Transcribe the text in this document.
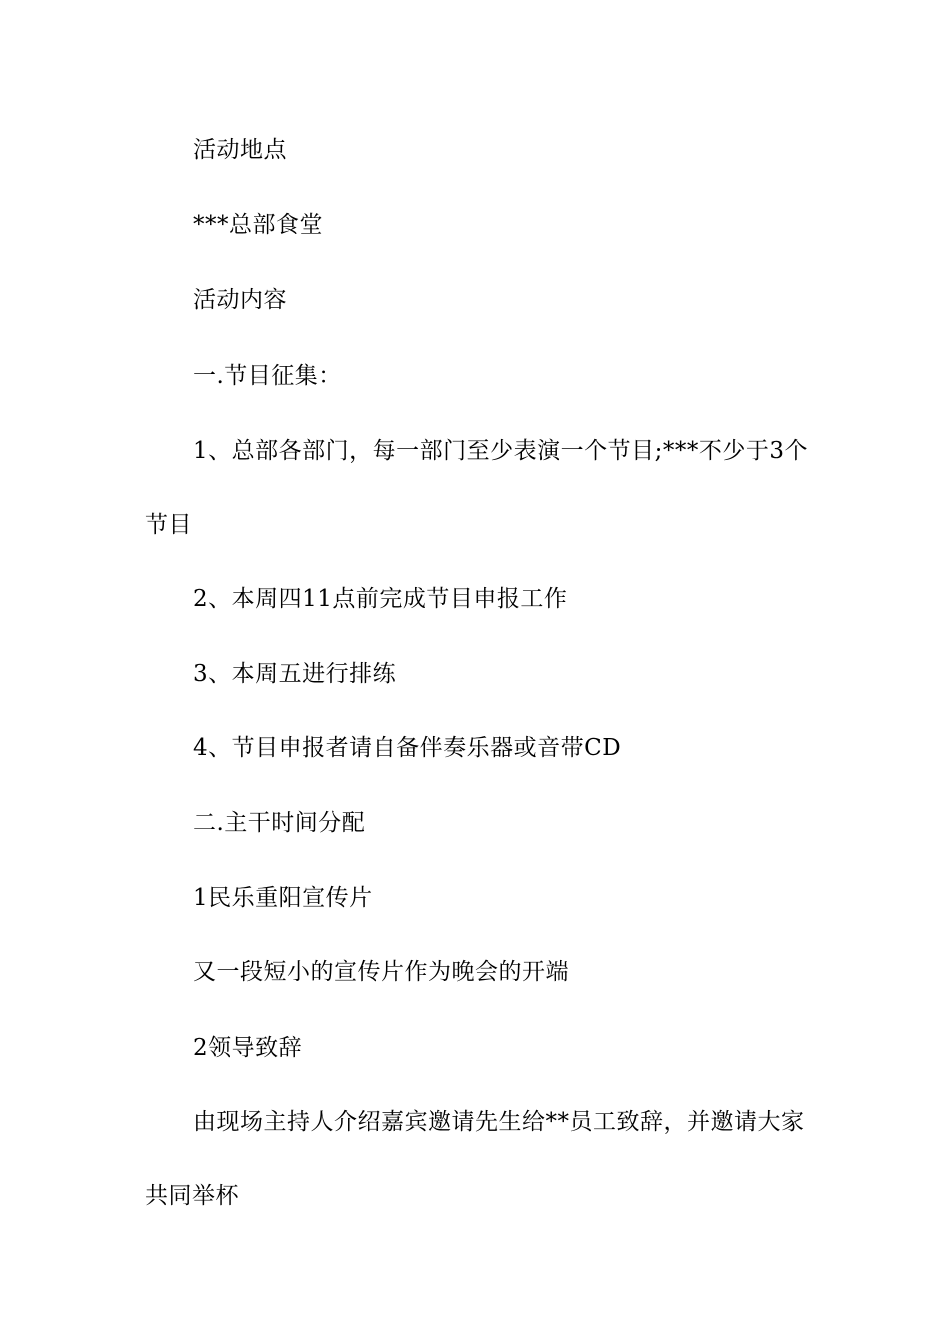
活动地点

***总部食堂

活动内容

一.节目征集：

1、总部各部门，每一部门至少表演一个节目;***不少于3个节目

2、本周四11点前完成节目申报工作

3、本周五进行排练

4、节目申报者请自备伴奏乐器或音带CD

二.主干时间分配

1民乐重阳宣传片

又一段短小的宣传片作为晚会的开端

2领导致辞

由现场主持人介绍嘉宾邀请先生给**员工致辞，并邀请大家共同举杯
